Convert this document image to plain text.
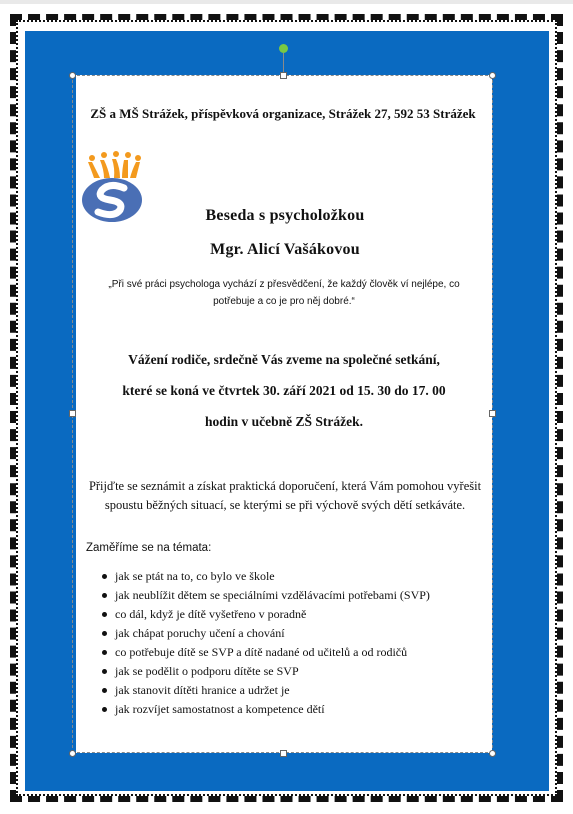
ZŠ a MŠ Strážek, příspěvková organizace, Strážek 27, 592 53 Strážek
Beseda s psycholožkou
Mgr. Alicí Vašákovou
„Při své práci psychologa vychází z přesvědčení, že každý člověk ví nejlépe, co potřebuje a co je pro něj dobré.“
Vážení rodiče, srdečně Vás zveme na společné setkání,
které se koná ve čtvrtek 30. září 2021 od 15. 30 do 17. 00
hodin v učebně ZŠ Strážek.
Přijďte se seznámit a získat praktická doporučení, která Vám pomohou vyřešit spoustu běžných situací, se kterými se při výchově svých dětí setkáváte.
Zaměříme se na témata:
jak se ptát na to, co bylo ve škole
jak neublížit dětem se speciálními vzdělávacími potřebami (SVP)
co dál, když je dítě vyšetřeno v poradně
jak chápat poruchy učení a chování
co potřebuje dítě se SVP a dítě nadané od učitelů a od rodičů
jak se podělit o podporu dítěte se SVP
jak stanovit dítěti hranice a udržet je
jak rozvíjet samostatnost a kompetence dětí
